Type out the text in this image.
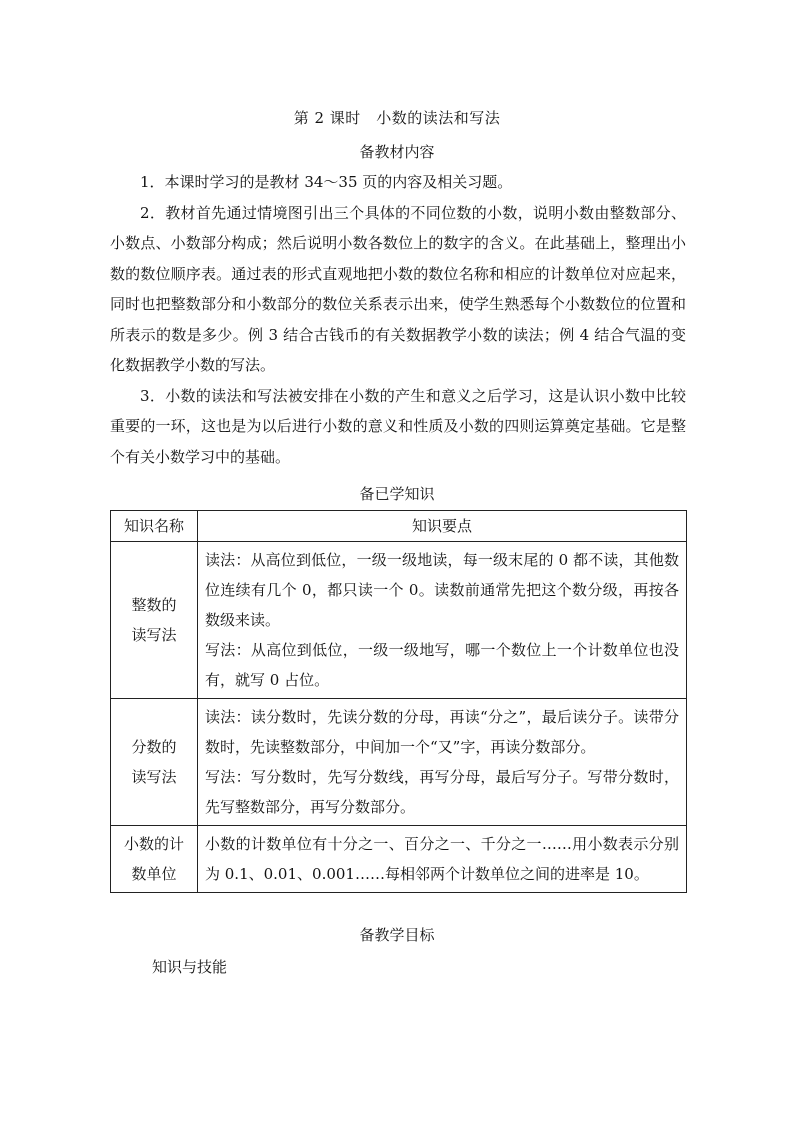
第 2 课时　小数的读法和写法
备教材内容

1．本课时学习的是教材 34～35 页的内容及相关习题。

2．教材首先通过情境图引出三个具体的不同位数的小数，说明小数由整数部分、小数点、小数部分构成；然后说明小数各数位上的数字的含义。在此基础上，整理出小数的数位顺序表。通过表的形式直观地把小数的数位名称和相应的计数单位对应起来，同时也把整数部分和小数部分的数位关系表示出来，使学生熟悉每个小数数位的位置和所表示的数是多少。例 3 结合古钱币的有关数据教学小数的读法；例 4 结合气温的变化数据教学小数的写法。

3．小数的读法和写法被安排在小数的产生和意义之后学习，这是认识小数中比较重要的一环，这也是为以后进行小数的意义和性质及小数的四则运算奠定基础。它是整个有关小数学习中的基础。

备已学知识
知识名称	知识要点
整数的
读写法	读法：从高位到低位，一级一级地读，每一级末尾的 0 都不读，其他数位连续有几个 0，都只读一个 0。读数前通常先把这个数分级，再按各数级来读。
写法：从高位到低位，一级一级地写，哪一个数位上一个计数单位也没有，就写 0 占位。

分数的
读写法	读法：读分数时，先读分数的分母，再读“分之”，最后读分子。读带分数时，先读整数部分，中间加一个“又”字，再读分数部分。
写法：写分数时，先写分数线，再写分母，最后写分子。写带分数时，先写整数部分，再写分数部分。

小数的计
数单位	小数的计数单位有十分之一、百分之一、千分之一……用小数表示分别为 0.1、0.01、0.001……每相邻两个计数单位之间的进率是 10。
备教学目标
知识与技能
